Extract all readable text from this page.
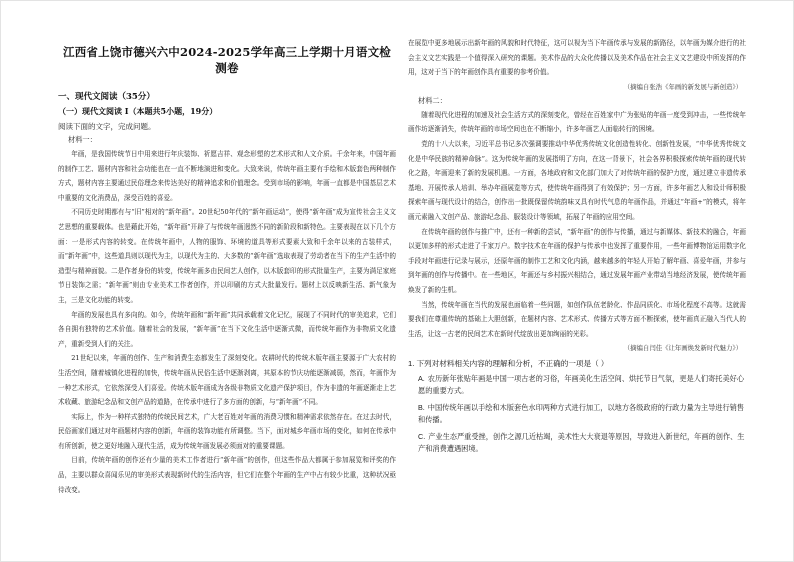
江西省上饶市德兴六中2024-2025学年高三上学期十月语文检测卷
一、现代文阅读（35分）
（一）现代文阅读 I（本题共5小题，19分）
阅读下面的文字，完成问题。
材料一：

年画，是我国传统节日中用来进行年庆装饰、祈愿吉祥、观念形塑的艺术形式和人文介质。千余年来，中国年画的制作工艺、题材内容和社会功能也在一直不断地演进和变化。大致来说，传统年画主要有手绘和木版套色两种制作方式，题材内容主要通过民俗理念来传达美好的精神追求和价值理念。受到市场的影响，年画一直都是中国基层艺术中重要的文化消费品，深受百姓的喜爱。

不同历史时期都有与“旧”相对的“新年画”。20世纪50年代的“新年画运动”，使得“新年画”成为宣传社会主义文艺思想的重要载体。也是藉此开始，“新年画”开辟了与传统年画迥然不同的新阶段和新特色。主要表现在以下几个方面：一是形式内容的转变。在传统年画中，人物的服饰、环境的道具等形式要素大致和千余年以来的古装样式，而“新年画”中，这些道具则以现代为主，以现代为主的、大多数的“新年画”选取表现了劳动者在当下的生产生活中的造型与精神面貌。二是作者身份的转变，传统年画多由民间艺人创作，以木版套印的形式批量生产，主要为满足家庭节日装饰之需；“新年画”则由专业美术工作者创作，并以印刷的方式大批量发行。题材上以反映新生活、新气象为主，三是文化功能的转变。

年画的发展也具有多向的。如今，传统年画和“新年画”共同承载着文化记忆，展现了不同时代的审美追求，它们各自拥有独特的艺术价值。随着社会的发展，“新年画”在当下文化生活中逐渐式微，而传统年画作为非物质文化遗产，重新受到人们的关注。

21世纪以来，年画的创作、生产和消费生态都发生了深刻变化。农耕时代的传统木版年画主要源于广大农村的生活空间，随着城镇化进程的加快，传统年画从民俗生活中逐渐剥离，其原本的节庆功能逐渐减弱，然而，年画作为一种艺术形式，它依然深受人们喜爱。传统木版年画成为各级非物质文化遗产保护项目，作为非遗的年画逐渐走上艺术收藏、旅游纪念品和文创产品的道路，在传承中进行了多方面的创新，与“新年画”不同。

实际上，作为一种样式独特的传统民间艺术，广大老百姓对年画的消费习惯和精神需求依然存在。在过去时代，民俗画家们通过对年画题材内容的创新，年画的装饰功能有所调整。当下，面对城乡年画市场的变化，如何在传承中有所创新，使之更好地融入现代生活，成为传统年画发展必须面对的重要课题。

目前，传统年画的创作还有少量的美术工作者进行“新年画”的创作，但这些作品大都属于参加展览和评奖的作品，主要以群众喜闻乐见的审美形式表现新时代的生活内容，但它们在整个年画的生产中占有较少比重，这种状况亟待改变。

在展览中更多地展示出新年画的风貌和时代特征，这可以视为当下年画传承与发展的新路径，以年画为媒介进行的社会主义文艺实践是一个值得深入研究的课题。美术作品的大众化传播以及美术作品在社会主义文艺建设中所发挥的作用，这对于当下的年画创作具有重要的参考价值。

（摘编自张浩《年画的新发展与新创造》）
材料二：

随着现代化进程的加速及社会生活方式的深刻变化，曾经在百姓家中广为张贴的年画一度受到冲击，一些传统年画作坊逐渐消失，传统年画的市场空间也在不断缩小，许多年画艺人面临转行的困境。

党的十八大以来，习近平总书记多次强调要推动中华优秀传统文化创造性转化、创新性发展，“中华优秀传统文化是中华民族的精神命脉”。这为传统年画的发展指明了方向，在这一背景下，社会各界积极探索传统年画的现代转化之路，年画迎来了新的发展机遇。一方面，各地政府和文化部门加大了对传统年画的保护力度，通过建立非遗传承基地、开展传承人培训、举办年画展览等方式，使传统年画得到了有效保护；另一方面，许多年画艺人和设计师积极探索年画与现代设计的结合，创作出一批既保留传统韵味又具有时代气息的年画作品，并通过“年画+”的模式，将年画元素融入文创产品、旅游纪念品、服装设计等领域，拓展了年画的应用空间。

在传统年画的创作与推广中，还有一种新的尝试，“新年画”的创作与传播，通过与新媒体、新技术的融合，年画以更加多样的形式走进了千家万户。数字技术在年画的保护与传承中也发挥了重要作用，一些年画博物馆运用数字化手段对年画进行记录与展示，还原年画的制作工艺和文化内涵，越来越多的年轻人开始了解年画、喜爱年画，并参与到年画的创作与传播中。在一些地区，年画还与乡村振兴相结合，通过发展年画产业带动当地经济发展，使传统年画焕发了新的生机。

当然，传统年画在当代的发展也面临着一些问题，如创作队伍老龄化、作品同质化、市场化程度不高等。这就需要我们在尊重传统的基础上大胆创新，在题材内容、艺术形式、传播方式等方面不断探索，使年画真正融入当代人的生活，让这一古老的民间艺术在新时代绽放出更加绚丽的光彩。

（摘编自闫佳《让年画焕发新时代魅力》）
1. 下列对材料相关内容的理解和分析，不正确的一项是（ ）
A. 农历新年张贴年画是中国一项古老的习俗，年画美化生活空间、烘托节日气氛，更是人们寄托美好心愿的重要方式。
B. 中国传统年画以手绘和木版套色水印两种方式进行加工，以地方各级政府的行政力量为主导进行销售和传播。
C. 产业生态严重受挫，创作之源几近枯竭，美术性大大衰退等原因，导致进入新世纪，年画的创作、生产和消费遭遇困境。
